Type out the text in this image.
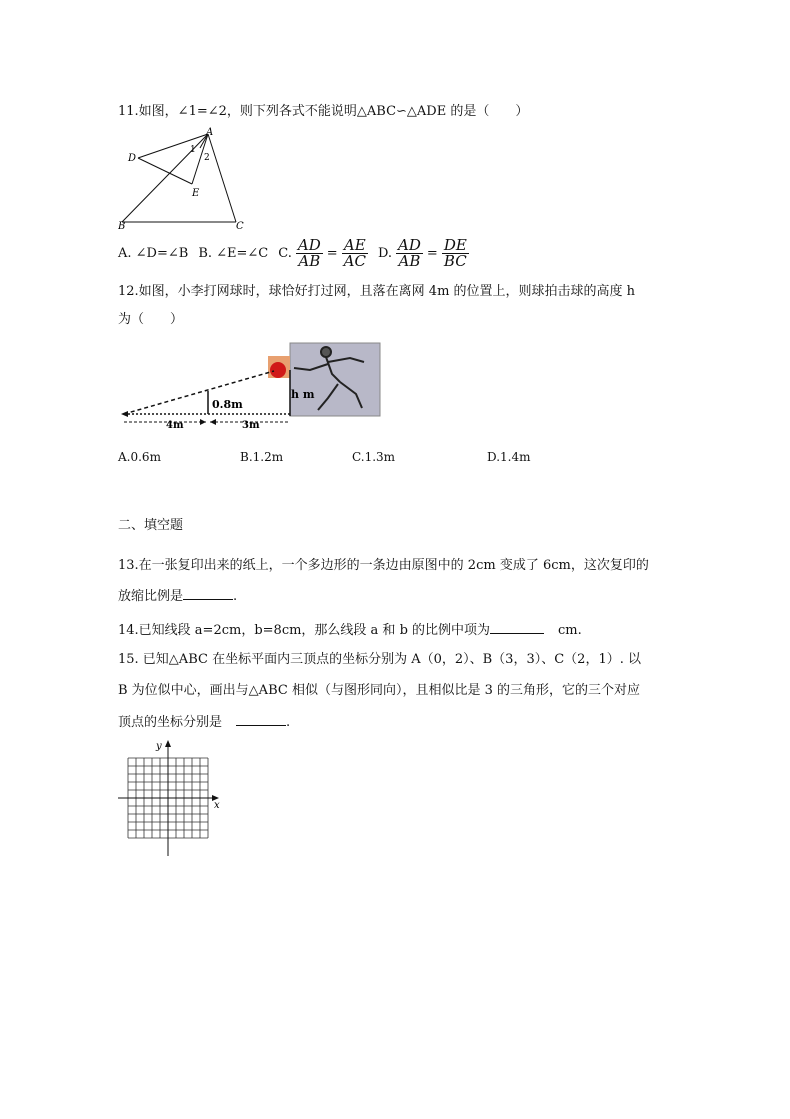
11.如图，∠1=∠2，则下列各式不能说明△ABC∽△ADE 的是（　　）
A
B	C
D
E
1
2
A. ∠D=∠B B. ∠E=∠C C. $\frac{AD}{AB} = \frac{AE}{AC} D$. $\frac{AD}{AB} = \frac{DE}{BC}$
12.如图，小李打网球时，球恰好打过网，且落在离网 4m 的位置上，则球拍击球的高度 h
为（　　）
0.8m
4m	3m
h m
A.0.6m	B.1.2m	C.1.3m	D.1.4m
二、填空题
13.在一张复印出来的纸上，一个多边形的一条边由原图中的 2cm 变成了 6cm，这次复印的
放缩比例是	.
14.已知线段 a=2cm，b=8cm，那么线段 a 和 b 的比例中项为	cm.
15. 已知△ABC 在坐标平面内三顶点的坐标分别为 A（0，2）、B（3，3）、C（2，1）. 以
B 为位似中心，画出与△ABC 相似（与图形同向），且相似比是 3 的三角形，它的三个对应
顶点的坐标分别是	.
x
y
